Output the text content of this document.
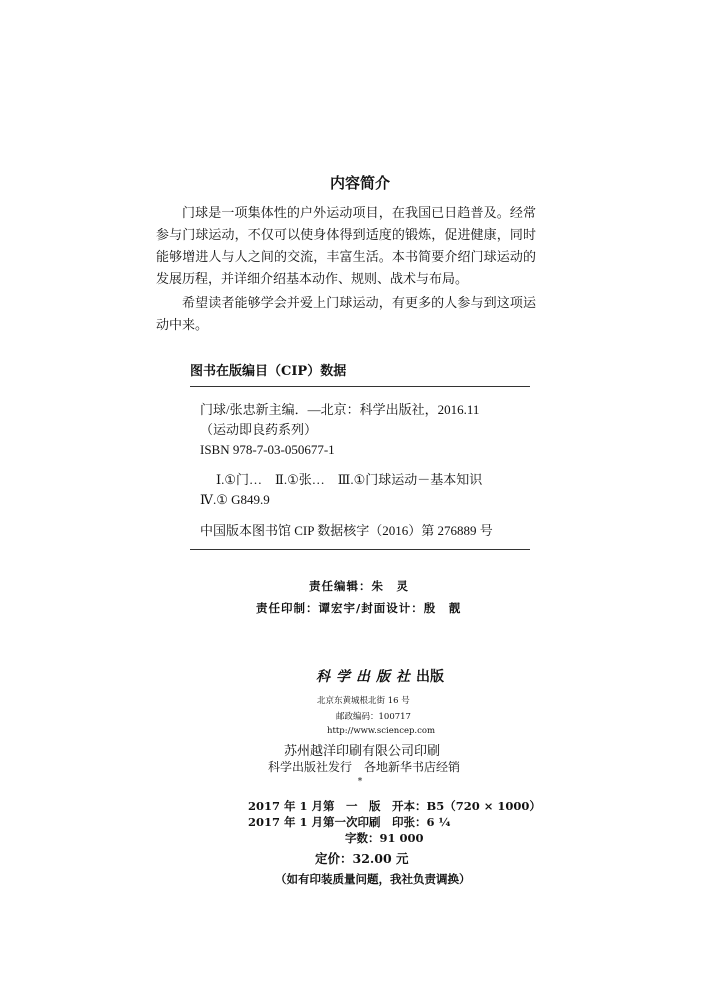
内容简介
门球是一项集体性的户外运动项目，在我国已日趋普及。经常参与门球运动，不仅可以使身体得到适度的锻炼，促进健康，同时能够增进人与人之间的交流，丰富生活。本书简要介绍门球运动的发展历程，并详细介绍基本动作、规则、战术与布局。
希望读者能够学会并爱上门球运动，有更多的人参与到这项运动中来。
图书在版编目（CIP）数据
门球/张忠新主编．—北京：科学出版社，2016.11
（运动即良药系列）
ISBN 978-7-03-050677-1
Ⅰ.①门…　Ⅱ.①张…　Ⅲ.①门球运动－基本知识
Ⅳ.① G849.9
中国版本图书馆 CIP 数据核字（2016）第 276889 号
责任编辑：朱　灵
责任印制：谭宏宇/封面设计：殷　靓
科学出版社出版
北京东黄城根北街 16 号
邮政编码：100717
http://www.sciencep.com
苏州越洋印刷有限公司印刷
科学出版社发行　各地新华书店经销
*
2017 年 1 月第　一　版　开本：B5（720 × 1000）
2017 年 1 月第一次印刷　印张：6 ¼
字数：91 000
定价：32.00 元
（如有印装质量问题，我社负责调换）
